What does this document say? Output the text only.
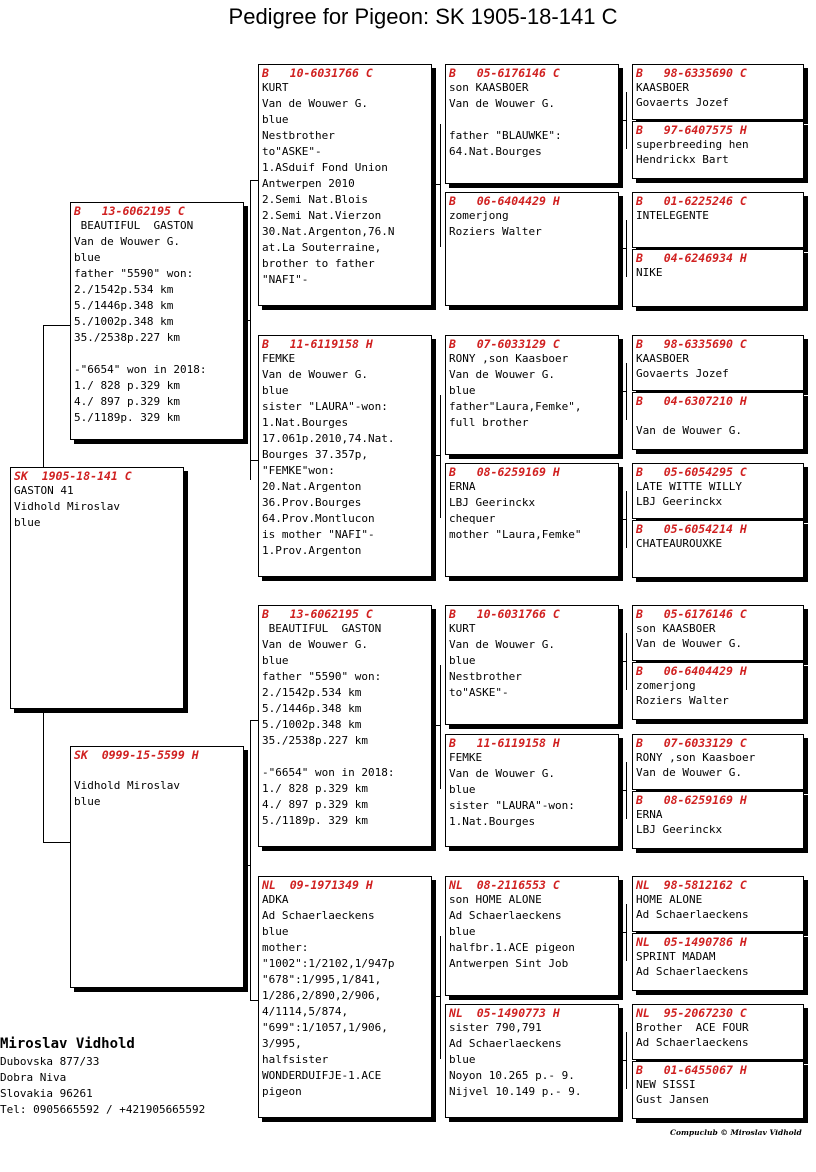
Pedigree for Pigeon: SK 1905-18-141 C
SK  1905-18-141 C
GASTON 41
Vidhold Miroslav
blue
B   13-6062195 C
BEAUTIFUL  GASTON
Van de Wouwer G.
blue
father "5590" won:
2./1542p.534 km
5./1446p.348 km
5./1002p.348 km
35./2538p.227 km

-"6654" won in 2018:
1./ 828 p.329 km
4./ 897 p.329 km
5./1189p. 329 km
SK  0999-15-5599 H

Vidhold Miroslav
blue
B   10-6031766 C
KURT
Van de Wouwer G.
blue
Nestbrother
to"ASKE"-
1.ASduif Fond Union
Antwerpen 2010
2.Semi Nat.Blois
2.Semi Nat.Vierzon
30.Nat.Argenton,76.N
at.La Souterraine,
brother to father
"NAFI"-
B   11-6119158 H
FEMKE
Van de Wouwer G.
blue
sister "LAURA"-won:
1.Nat.Bourges
17.061p.2010,74.Nat.
Bourges 37.357p,
"FEMKE"won:
20.Nat.Argenton
36.Prov.Bourges
64.Prov.Montlucon
is mother "NAFI"-
1.Prov.Argenton
B   13-6062195 C
BEAUTIFUL  GASTON
Van de Wouwer G.
blue
father "5590" won:
2./1542p.534 km
5./1446p.348 km
5./1002p.348 km
35./2538p.227 km

-"6654" won in 2018:
1./ 828 p.329 km
4./ 897 p.329 km
5./1189p. 329 km
NL  09-1971349 H
ADKA
Ad Schaerlaeckens
blue
mother:
"1002":1/2102,1/947p
"678":1/995,1/841,
1/286,2/890,2/906,
4/1114,5/874,
"699":1/1057,1/906,
3/995,
halfsister
WONDERDUIFJE-1.ACE
pigeon
B   05-6176146 C
son KAASBOER
Van de Wouwer G.

father "BLAUWKE":
64.Nat.Bourges
B   06-6404429 H
zomerjong
Roziers Walter
B   07-6033129 C
RONY ,son Kaasboer
Van de Wouwer G.
blue
father"Laura,Femke",
full brother
B   08-6259169 H
ERNA
LBJ Geerinckx
chequer
mother "Laura,Femke"
B   10-6031766 C
KURT
Van de Wouwer G.
blue
Nestbrother
to"ASKE"-
B   11-6119158 H
FEMKE
Van de Wouwer G.
blue
sister "LAURA"-won:
1.Nat.Bourges
NL  08-2116553 C
son HOME ALONE
Ad Schaerlaeckens
blue
halfbr.1.ACE pigeon
Antwerpen Sint Job
NL  05-1490773 H
sister 790,791
Ad Schaerlaeckens
blue
Noyon 10.265 p.- 9.
Nijvel 10.149 p.- 9.
B   98-6335690 C
KAASBOER
Govaerts Jozef
B   97-6407575 H
superbreeding hen
Hendrickx Bart
B   01-6225246 C
INTELEGENTE
B   04-6246934 H
NIKE
B   98-6335690 C
KAASBOER
Govaerts Jozef
B   04-6307210 H

Van de Wouwer G.
B   05-6054295 C
LATE WITTE WILLY
LBJ Geerinckx
B   05-6054214 H
CHATEAUROUXKE
B   05-6176146 C
son KAASBOER
Van de Wouwer G.
B   06-6404429 H
zomerjong
Roziers Walter
B   07-6033129 C
RONY ,son Kaasboer
Van de Wouwer G.
B   08-6259169 H
ERNA
LBJ Geerinckx
NL  98-5812162 C
HOME ALONE
Ad Schaerlaeckens
NL  05-1490786 H
SPRINT MADAM
Ad Schaerlaeckens
NL  95-2067230 C
Brother  ACE FOUR
Ad Schaerlaeckens
B   01-6455067 H
NEW SISSI
Gust Jansen
Miroslav Vidhold
Dubovska 877/33
Dobra Niva
Slovakia 96261
Tel: 0905665592 / +421905665592
Compuclub © Miroslav Vidhold
